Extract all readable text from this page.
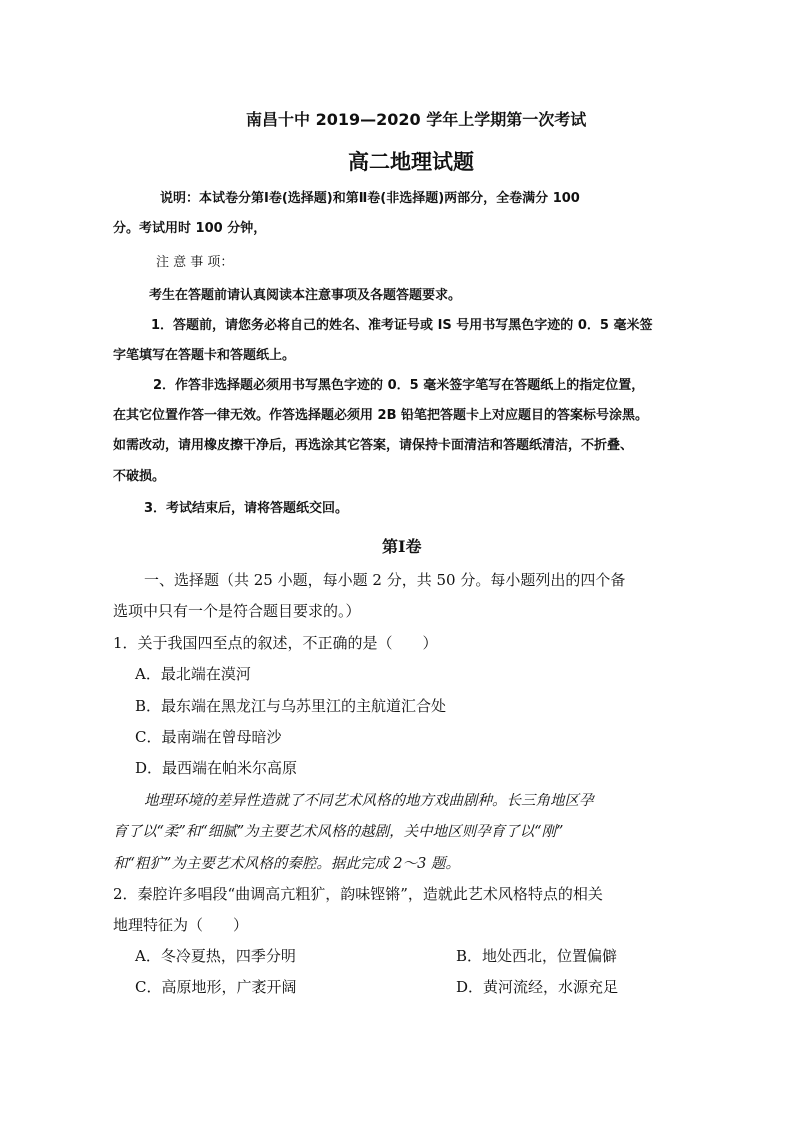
南昌十中 2019—2020 学年上学期第一次考试
高二地理试题

说明：本试卷分第Ⅰ卷(选择题)和第Ⅱ卷(非选择题)两部分，全卷满分 100

分。考试用时 100 分钟，

注 意 事 项：

考生在答题前请认真阅读本注意事项及各题答题要求。

1．答题前，请您务必将自己的姓名、准考证号或 IS 号用书写黑色字迹的 0．5 毫米签

字笔填写在答题卡和答题纸上。

2．作答非选择题必须用书写黑色字迹的 0．5 毫米签字笔写在答题纸上的指定位置，

在其它位置作答一律无效。作答选择题必须用 2B 铅笔把答题卡上对应题目的答案标号涂黑。

如需改动，请用橡皮擦干净后，再选涂其它答案，请保持卡面清洁和答题纸清洁，不折叠、

不破损。

3．考试结束后，请将答题纸交回。

第Ⅰ卷

一、选择题（共 25 小题，每小题 2 分，共 50 分。每小题列出的四个备

选项中只有一个是符合题目要求的。）

1．关于我国四至点的叙述，不正确的是（　　）

A．最北端在漠河

B．最东端在黑龙江与乌苏里江的主航道汇合处

C．最南端在曾母暗沙

D．最西端在帕米尔高原

地理环境的差异性造就了不同艺术风格的地方戏曲剧种。长三角地区孕

育了以“柔”和“细腻”为主要艺术风格的越剧，关中地区则孕育了以“刚”

和“粗犷”为主要艺术风格的秦腔。据此完成 2～3 题。

2．秦腔许多唱段“曲调高亢粗犷，韵味铿锵”，造就此艺术风格特点的相关

地理特征为（　　）

A．冬冷夏热，四季分明	B．地处西北，位置偏僻

C．高原地形，广袤开阔	D．黄河流经，水源充足
